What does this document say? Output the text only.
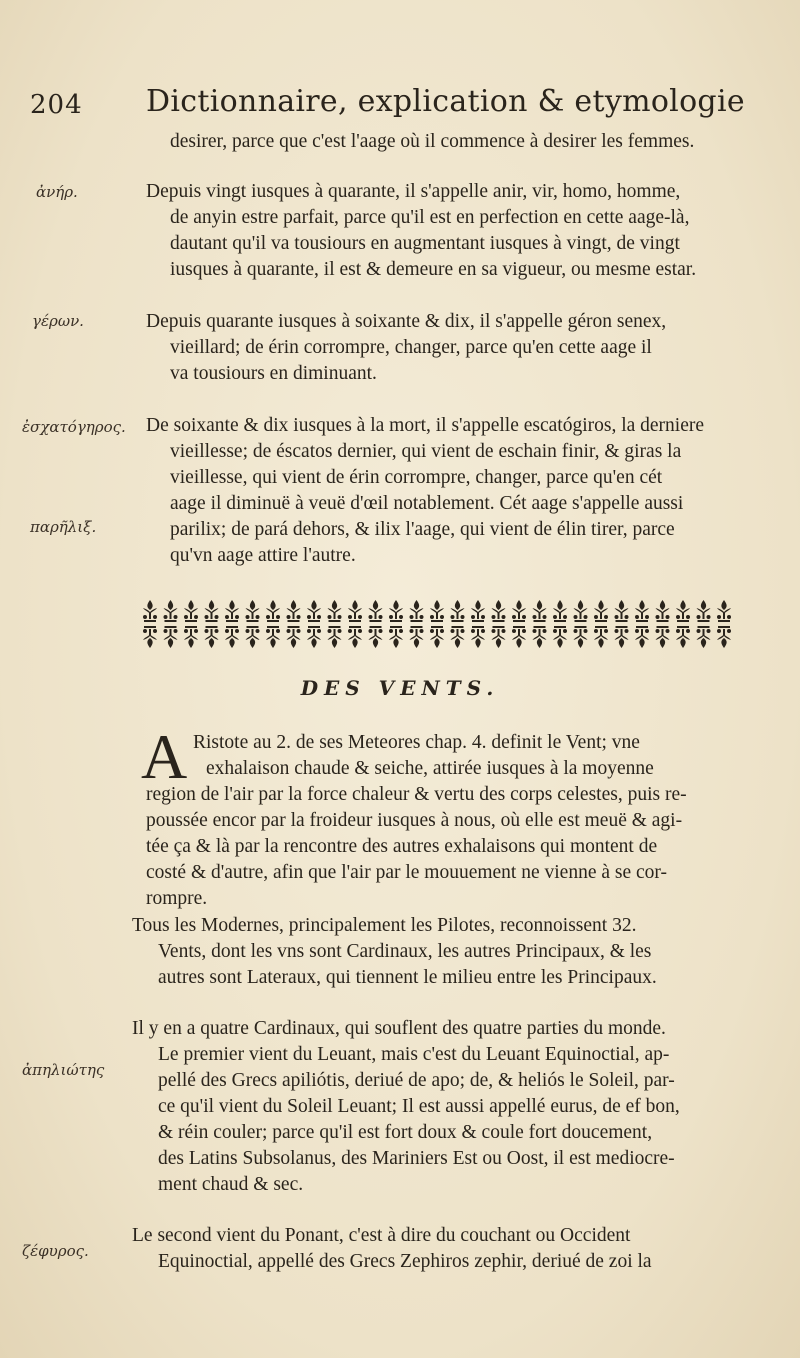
204 Dictionnaire, explication & etymologie
ἀνήρ.
γέρων.
ἐσχατόγηρος.
παρῆλιξ.
ἀπηλιώτης
ζέφυρος.
desirer, parce que c'est l'aage où il commence à desirer les femmes.
Depuis vingt iusques à quarante, il s'appelle anir, vir, homo, homme,
de anyin estre parfait, parce qu'il est en perfection en cette aage-là,
dautant qu'il va tousiours en augmentant iusques à vingt, de vingt
iusques à quarante, il est & demeure en sa vigueur, ou mesme estar.
Depuis quarante iusques à soixante & dix, il s'appelle géron senex,
vieillard; de érin corrompre, changer, parce qu'en cette aage il
va tousiours en diminuant.
De soixante & dix iusques à la mort, il s'appelle escatógiros, la derniere
vieillesse; de éscatos dernier, qui vient de eschain finir, & giras la
vieillesse, qui vient de érin corrompre, changer, parce qu'en cét
aage il diminuë à veuë d'œil notablement. Cét aage s'appelle aussi
parilix; de pará dehors, & ilix l'aage, qui vient de élin tirer, parce
qu'vn aage attire l'autre.
DES VENTS.
A Ristote au 2. de ses Meteores chap. 4. definit le Vent; vne
exhalaison chaude & seiche, attirée iusques à la moyenne
region de l'air par la force chaleur & vertu des corps celestes, puis re-
poussée encor par la froideur iusques à nous, où elle est meuë & agi-
tée ça & là par la rencontre des autres exhalaisons qui montent de
costé & d'autre, afin que l'air par le mouuement ne vienne à se cor-
rompre.
Tous les Modernes, principalement les Pilotes, reconnoissent 32.
Vents, dont les vns sont Cardinaux, les autres Principaux, & les
autres sont Lateraux, qui tiennent le milieu entre les Principaux.
Il y en a quatre Cardinaux, qui souflent des quatre parties du monde.
Le premier vient du Leuant, mais c'est du Leuant Equinoctial, ap-
pellé des Grecs apiliótis, deriué de apo; de, & heliós le Soleil, par-
ce qu'il vient du Soleil Leuant; Il est aussi appellé eurus, de ef bon,
& réin couler; parce qu'il est fort doux & coule fort doucement,
des Latins Subsolanus, des Mariniers Est ou Oost, il est mediocre-
ment chaud & sec.
Le second vient du Ponant, c'est à dire du couchant ou Occident
Equinoctial, appellé des Grecs Zephiros zephir, deriué de zoi la
